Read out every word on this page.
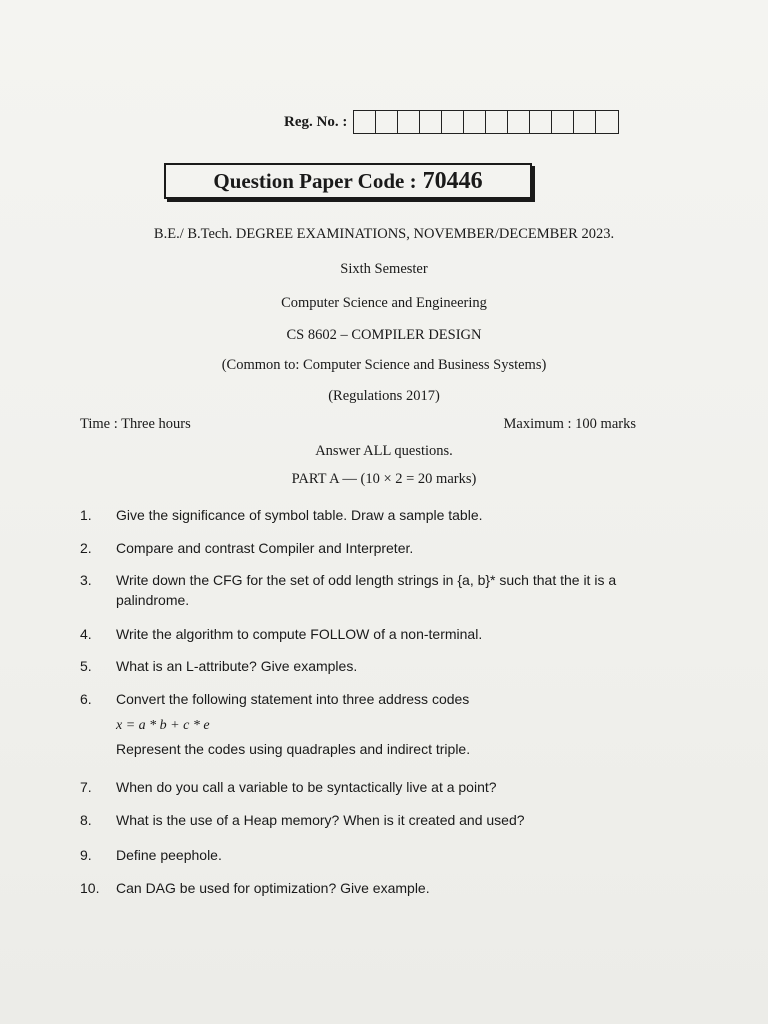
Reg. No. :
Question Paper Code : 70446
B.E./ B.Tech. DEGREE EXAMINATIONS, NOVEMBER/DECEMBER 2023.
Sixth Semester
Computer Science and Engineering
CS 8602 – COMPILER DESIGN
(Common to: Computer Science and Business Systems)
(Regulations 2017)
Time : Three hours	Maximum : 100 marks
Answer ALL questions.
PART A — (10 × 2 = 20 marks)
1.	Give the significance of symbol table. Draw a sample table.
2.	Compare and contrast Compiler and Interpreter.
3.	Write down the CFG for the set of odd length strings in {a, b}* such that the it is a palindrome.
4.	Write the algorithm to compute FOLLOW of a non-terminal.
5.	What is an L-attribute? Give examples.
6.	Convert the following statement into three address codes
x = a * b + c * e
Represent the codes using quadraples and indirect triple.
7.	When do you call a variable to be syntactically live at a point?
8.	What is the use of a Heap memory? When is it created and used?
9.	Define peephole.
10.	Can DAG be used for optimization? Give example.
